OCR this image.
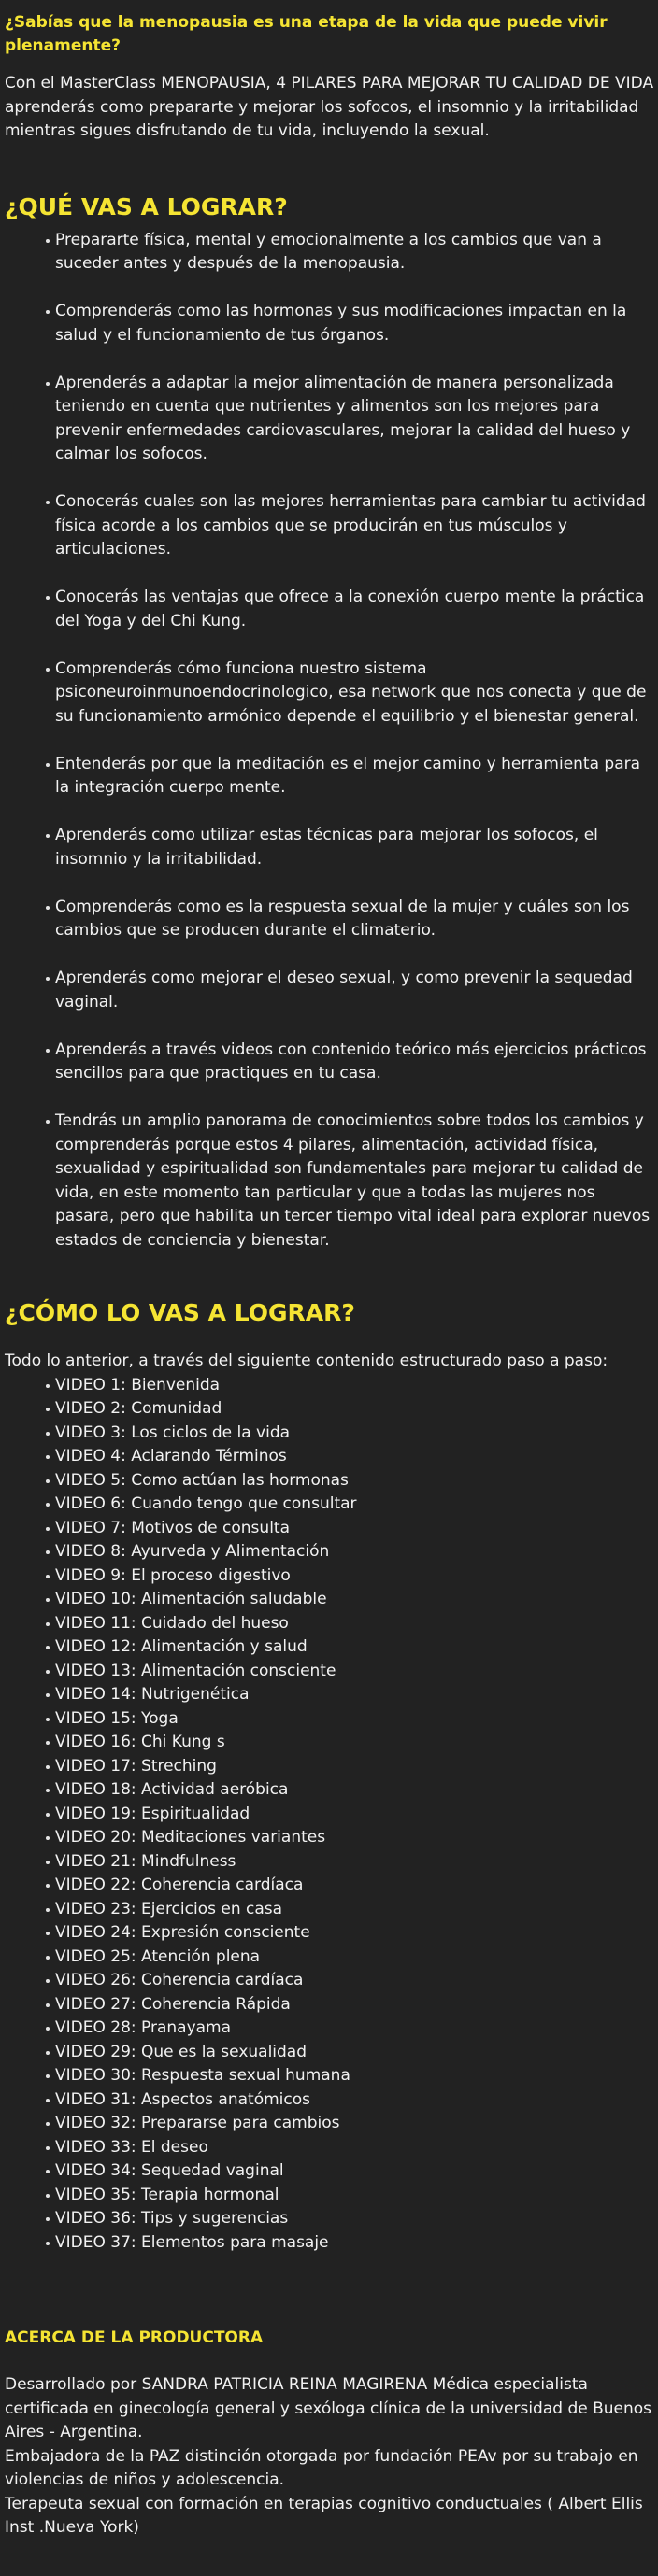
¿Sabías que la menopausia es una etapa de la vida que puede vivir plenamente?

Con el MasterClass MENOPAUSIA, 4 PILARES PARA MEJORAR TU CALIDAD DE VIDA aprenderás como prepararte y mejorar los sofocos, el insomnio y la irritabilidad mientras sigues disfrutando de tu vida, incluyendo la sexual.

¿QUÉ VAS A LOGRAR?
Prepararte física, mental y emocionalmente a los cambios que van a suceder antes y después de la menopausia.
Comprenderás como las hormonas y sus modificaciones impactan en la salud y el funcionamiento de tus órganos.
Aprenderás a adaptar la mejor alimentación de manera personalizada teniendo en cuenta que nutrientes y alimentos son los mejores para prevenir enfermedades cardiovasculares, mejorar la calidad del hueso y calmar los sofocos.
Conocerás cuales son las mejores herramientas para cambiar tu actividad física acorde a los cambios que se producirán en tus músculos y articulaciones.
Conocerás las ventajas que ofrece a la conexión cuerpo mente la práctica del Yoga y del Chi Kung.
Comprenderás cómo funciona nuestro sistema psiconeuroinmunoendocrinologico, esa network que nos conecta y que de su funcionamiento armónico depende el equilibrio y el bienestar general.
Entenderás por que la meditación es el mejor camino y herramienta para la integración cuerpo mente.
Aprenderás como utilizar estas técnicas para mejorar los sofocos, el insomnio y la irritabilidad.
Comprenderás como es la respuesta sexual de la mujer y cuáles son los cambios que se producen durante el climaterio.
Aprenderás como mejorar el deseo sexual, y como prevenir la sequedad vaginal.
Aprenderás a través videos con contenido teórico más ejercicios prácticos sencillos para que practiques en tu casa.
Tendrás un amplio panorama de conocimientos sobre todos los cambios y comprenderás porque estos 4 pilares, alimentación, actividad física, sexualidad y espiritualidad son fundamentales para mejorar tu calidad de vida, en este momento tan particular y que a todas las mujeres nos pasara, pero que habilita un tercer tiempo vital ideal para explorar nuevos estados de conciencia y bienestar.
¿CÓMO LO VAS A LOGRAR?

Todo lo anterior, a través del siguiente contenido estructurado paso a paso:

VIDEO 1: Bienvenida
VIDEO 2: Comunidad
VIDEO 3: Los ciclos de la vida
VIDEO 4: Aclarando Términos
VIDEO 5: Como actúan las hormonas
VIDEO 6: Cuando tengo que consultar
VIDEO 7: Motivos de consulta
VIDEO 8: Ayurveda y Alimentación
VIDEO 9: El proceso digestivo
VIDEO 10: Alimentación saludable
VIDEO 11: Cuidado del hueso
VIDEO 12: Alimentación y salud
VIDEO 13: Alimentación consciente
VIDEO 14: Nutrigenética
VIDEO 15: Yoga
VIDEO 16: Chi Kung s
VIDEO 17: Streching
VIDEO 18: Actividad aeróbica
VIDEO 19: Espiritualidad
VIDEO 20: Meditaciones variantes
VIDEO 21: Mindfulness
VIDEO 22: Coherencia cardíaca
VIDEO 23: Ejercicios en casa
VIDEO 24: Expresión consciente
VIDEO 25: Atención plena
VIDEO 26: Coherencia cardíaca
VIDEO 27: Coherencia Rápida
VIDEO 28: Pranayama
VIDEO 29: Que es la sexualidad
VIDEO 30: Respuesta sexual humana
VIDEO 31: Aspectos anatómicos
VIDEO 32: Prepararse para cambios
VIDEO 33: El deseo
VIDEO 34: Sequedad vaginal
VIDEO 35: Terapia hormonal
VIDEO 36: Tips y sugerencias
VIDEO 37: Elementos para masaje
ACERCA DE LA PRODUCTORA

Desarrollado por SANDRA PATRICIA REINA MAGIRENA Médica especialista certificada en ginecología general y sexóloga clínica de la universidad de Buenos Aires - Argentina.

Embajadora de la PAZ distinción otorgada por fundación PEAv por su trabajo en violencias de niños y adolescencia.

Terapeuta sexual con formación en terapias cognitivo conductuales ( Albert Ellis Inst .Nueva York)
